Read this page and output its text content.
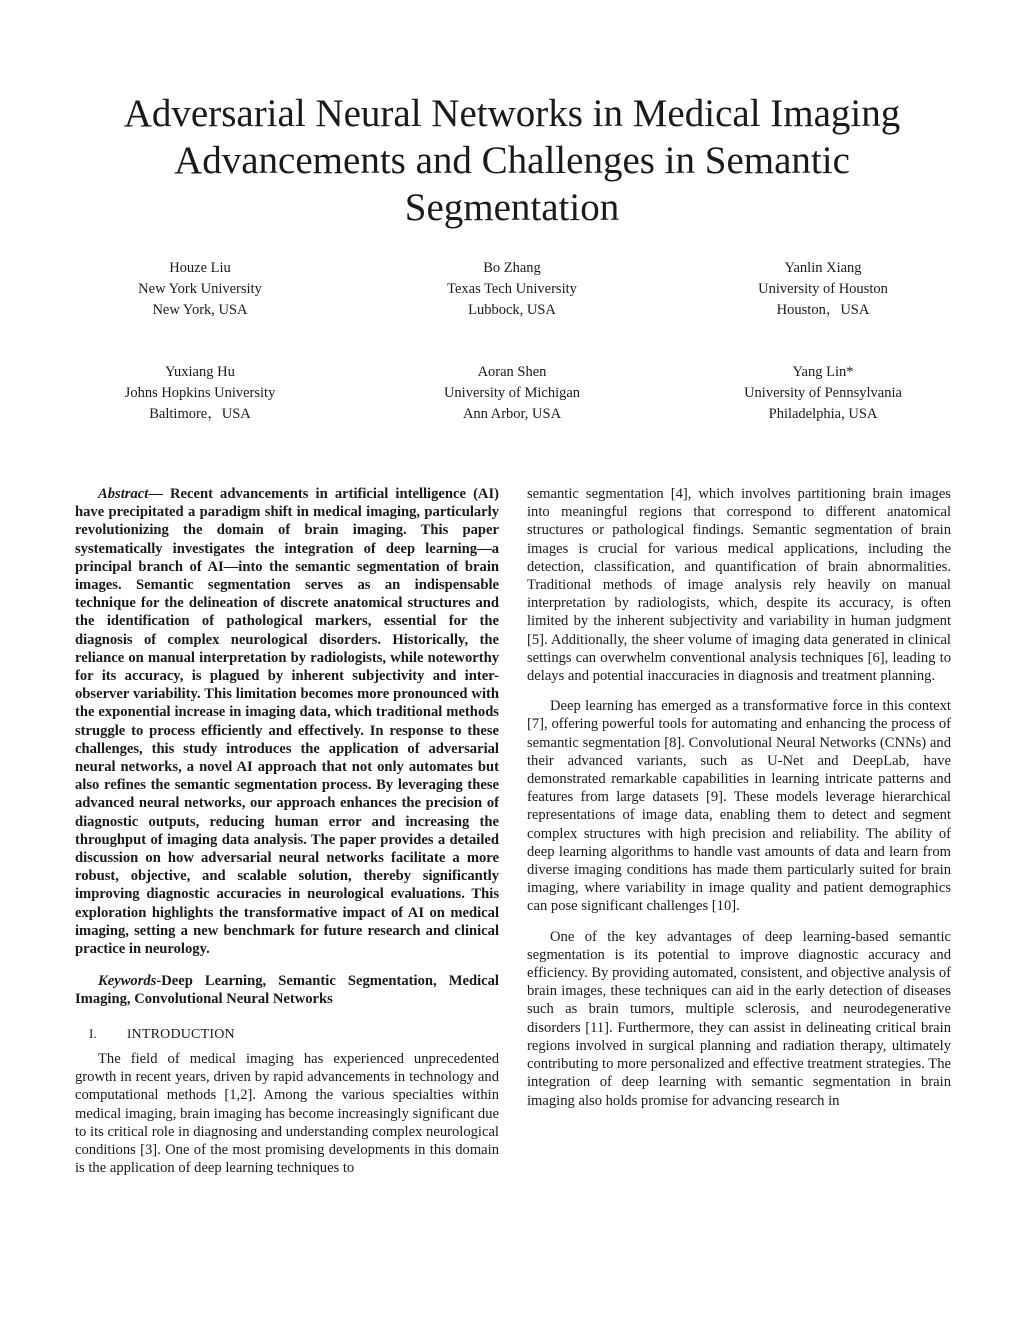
Adversarial Neural Networks in Medical Imaging
Advancements and Challenges in Semantic
Segmentation
Houze Liu
New York University
New York, USA
Bo Zhang
Texas Tech University
Lubbock, USA
Yanlin Xiang
University of Houston
Houston，USA
Yuxiang Hu
Johns Hopkins University
Baltimore，USA
Aoran Shen
University of Michigan
Ann Arbor, USA
Yang Lin*
University of Pennsylvania
Philadelphia, USA

Abstract— Recent advancements in artificial intelligence (AI) have precipitated a paradigm shift in medical imaging, particularly revolutionizing the domain of brain imaging. This paper systematically investigates the integration of deep learning—a principal branch of AI—into the semantic segmentation of brain images. Semantic segmentation serves as an indispensable technique for the delineation of discrete anatomical structures and the identification of pathological markers, essential for the diagnosis of complex neurological disorders. Historically, the reliance on manual interpretation by radiologists, while noteworthy for its accuracy, is plagued by inherent subjectivity and inter-observer variability. This limitation becomes more pronounced with the exponential increase in imaging data, which traditional methods struggle to process efficiently and effectively. In response to these challenges, this study introduces the application of adversarial neural networks, a novel AI approach that not only automates but also refines the semantic segmentation process. By leveraging these advanced neural networks, our approach enhances the precision of diagnostic outputs, reducing human error and increasing the throughput of imaging data analysis. The paper provides a detailed discussion on how adversarial neural networks facilitate a more robust, objective, and scalable solution, thereby significantly improving diagnostic accuracies in neurological evaluations. This exploration highlights the transformative impact of AI on medical imaging, setting a new benchmark for future research and clinical practice in neurology.

Keywords-Deep Learning, Semantic Segmentation, Medical Imaging, Convolutional Neural Networks

I. INTRODUCTION

The field of medical imaging has experienced unprecedented growth in recent years, driven by rapid advancements in technology and computational methods [1,2]. Among the various specialties within medical imaging, brain imaging has become increasingly significant due to its critical role in diagnosing and understanding complex neurological conditions [3]. One of the most promising developments in this domain is the application of deep learning techniques to

semantic segmentation [4], which involves partitioning brain images into meaningful regions that correspond to different anatomical structures or pathological findings. Semantic segmentation of brain images is crucial for various medical applications, including the detection, classification, and quantification of brain abnormalities. Traditional methods of image analysis rely heavily on manual interpretation by radiologists, which, despite its accuracy, is often limited by the inherent subjectivity and variability in human judgment [5]. Additionally, the sheer volume of imaging data generated in clinical settings can overwhelm conventional analysis techniques [6], leading to delays and potential inaccuracies in diagnosis and treatment planning.

Deep learning has emerged as a transformative force in this context [7], offering powerful tools for automating and enhancing the process of semantic segmentation [8]. Convolutional Neural Networks (CNNs) and their advanced variants, such as U-Net and DeepLab, have demonstrated remarkable capabilities in learning intricate patterns and features from large datasets [9]. These models leverage hierarchical representations of image data, enabling them to detect and segment complex structures with high precision and reliability. The ability of deep learning algorithms to handle vast amounts of data and learn from diverse imaging conditions has made them particularly suited for brain imaging, where variability in image quality and patient demographics can pose significant challenges [10].

One of the key advantages of deep learning-based semantic segmentation is its potential to improve diagnostic accuracy and efficiency. By providing automated, consistent, and objective analysis of brain images, these techniques can aid in the early detection of diseases such as brain tumors, multiple sclerosis, and neurodegenerative disorders [11]. Furthermore, they can assist in delineating critical brain regions involved in surgical planning and radiation therapy, ultimately contributing to more personalized and effective treatment strategies. The integration of deep learning with semantic segmentation in brain imaging also holds promise for advancing research in
